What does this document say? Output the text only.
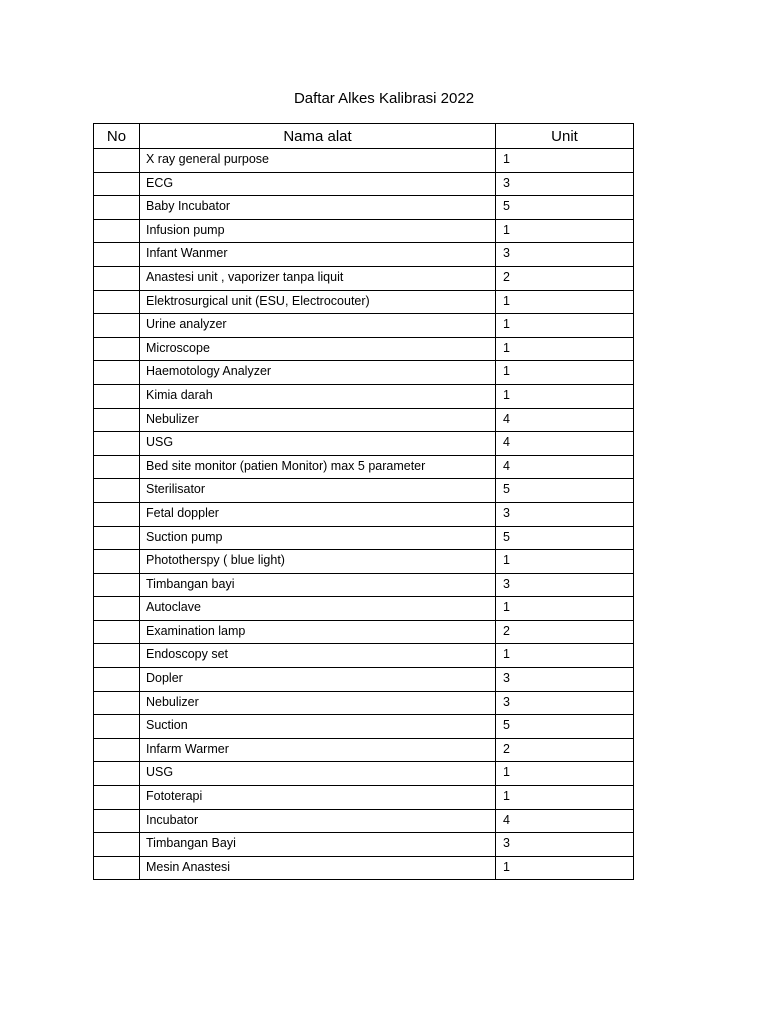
Daftar Alkes Kalibrasi 2022
No	Nama alat	Unit
	X ray general purpose	1
	ECG	3
	Baby Incubator	5
	Infusion pump	1
	Infant Wanmer	3
	Anastesi unit , vaporizer tanpa liquit	2
	Elektrosurgical unit (ESU, Electrocouter)	1
	Urine analyzer	1
	Microscope	1
	Haemotology Analyzer	1
	Kimia darah	1
	Nebulizer	4
	USG	4
	Bed site monitor (patien Monitor) max 5 parameter	4
	Sterilisator	5
	Fetal doppler	3
	Suction pump	5
	Phototherspy ( blue light)	1
	Timbangan bayi	3
	Autoclave	1
	Examination lamp	2
	Endoscopy set	1
	Dopler	3
	Nebulizer	3
	Suction	5
	Infarm Warmer	2
	USG	1
	Fototerapi	1
	Incubator	4
	Timbangan Bayi	3
	Mesin Anastesi	1
